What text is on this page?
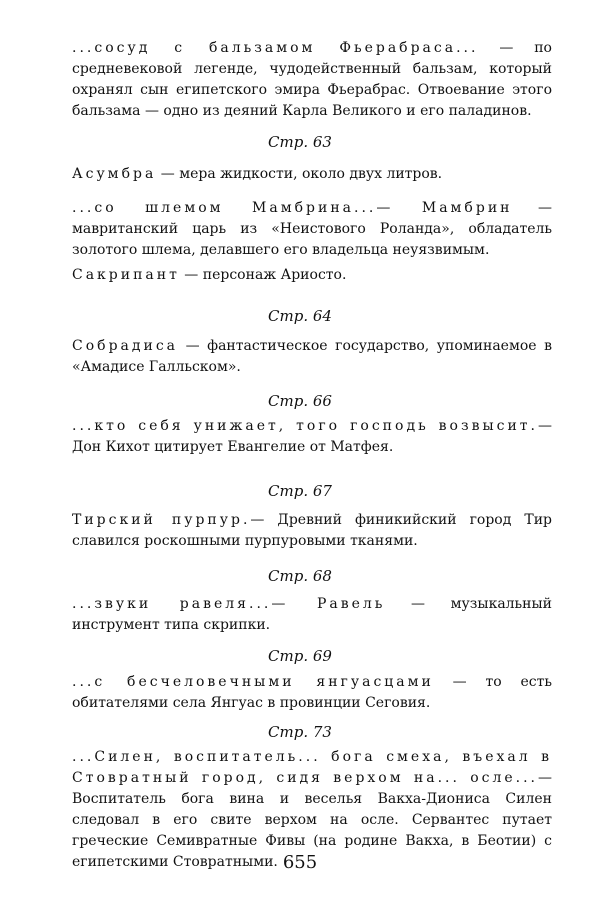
...сосуд с бальзамом Фьерабраса... — по средневековой легенде, чудодейственный бальзам, который охранял сын египетского эмира Фьерабрас. Отвоевание этого бальзама — одно из деяний Карла Великого и его паладинов.

Стр. 63

Асумбра — мера жидкости, около двух литров.

...со шлемом Мамбрина...— Мамбрин — мавританский царь из «Неистового Роланда», обладатель золотого шлема, делавшего его владельца неуязвимым.

Сакрипант — персонаж Ариосто.

Стр. 64

Собрадиса — фантастическое государство, упоминаемое в «Амадисе Галльском».

Стр. 66

...кто себя унижает, того господь возвысит.— Дон Кихот цитирует Евангелие от Матфея.

Стр. 67

Тирский пурпур.— Древний финикийский город Тир славился роскошными пурпуровыми тканями.

Стр. 68

...звуки равеля...— Равель — музыкальный инструмент типа скрипки.

Стр. 69

...с бесчеловечными янгуасцами — то есть обитателями села Янгуас в провинции Сеговия.

Стр. 73

...Силен, воспитатель... бога смеха, въехал в Стовратный город, сидя верхом на... осле...— Воспитатель бога вина и веселья Вакха-Диониса Силен следовал в его свите верхом на осле. Сервантес путает греческие Семивратные Фивы (на родине Вакха, в Беотии) с египетскими Стовратными. 655
